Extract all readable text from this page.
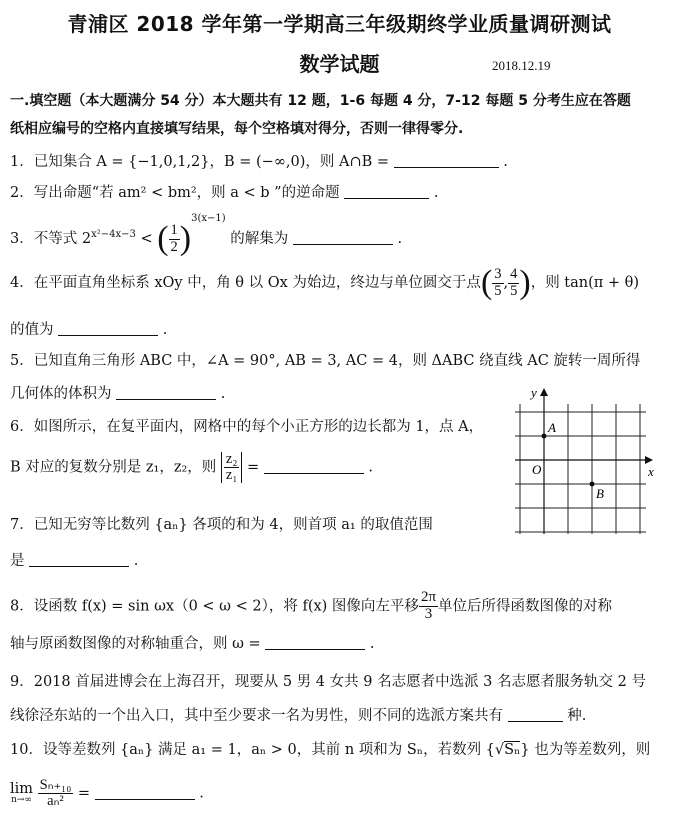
青浦区 2018 学年第一学期高三年级期终学业质量调研测试
数学试题	2018.12.19
一.填空题（本大题满分 54 分）本大题共有 12 题，1-6 每题 4 分，7-12 每题 5 分考生应在答题
纸相应编号的空格内直接填写结果，每个空格填对得分，否则一律得零分.
1．已知集合 A = {−1,0,1,2}，B = (−∞,0)，则 A∩B =	.
2．写出命题“若 am² < bm²，则 a < b ”的逆命题	.
3．不等式 $2^{x^2-4x-3}$ < ( $\frac{1}{2} )^{3(x-1)}$ 的解集为	.
4．在平面直角坐标系 xOy 中，角 θ 以 Ox 为始边，终边与单位圆交于点( $\frac{3}{5}$ , $\frac{4}{5}$ )，则 tan(π + θ)
的值为	.
5．已知直角三角形 ABC 中，∠A = 90°, AB = 3, AC = 4，则 ΔABC 绕直线 AC 旋转一周所得
几何体的体积为	.
6．如图所示，在复平面内，网格中的每个小正方形的边长都为 1，点 A，
B 对应的复数分别是 z₁，z₂，则 $\frac{\text{z₂}}{\text{z₁}}$ =	.
7．已知无穷等比数列 {aₙ} 各项的和为 4，则首项 a₁ 的取值范围
是	.
8．设函数 f(x) = sin ωx（0 < ω < 2），将 f(x) 图像向左平移 $\frac{2\pi}{3}$ 单位后所得函数图像的对称
轴与原函数图像的对称轴重合，则 ω =	.
9．2018 首届进博会在上海召开，现要从 5 男 4 女共 9 名志愿者中选派 3 名志愿者服务轨交 2 号
线徐泾东站的一个出入口，其中至少要求一名为男性，则不同的选派方案共有	种.
10．设等差数列 {aₙ} 满足 a₁ = 1，aₙ > 0，其前 n 项和为 Sₙ，若数列 {√Sₙ} 也为等差数列，则
lim
n→∞
$\frac{\text{Sₙ₊₁₀}}{\text{aₙ²}}$ =	.
y
x
O
A
B
